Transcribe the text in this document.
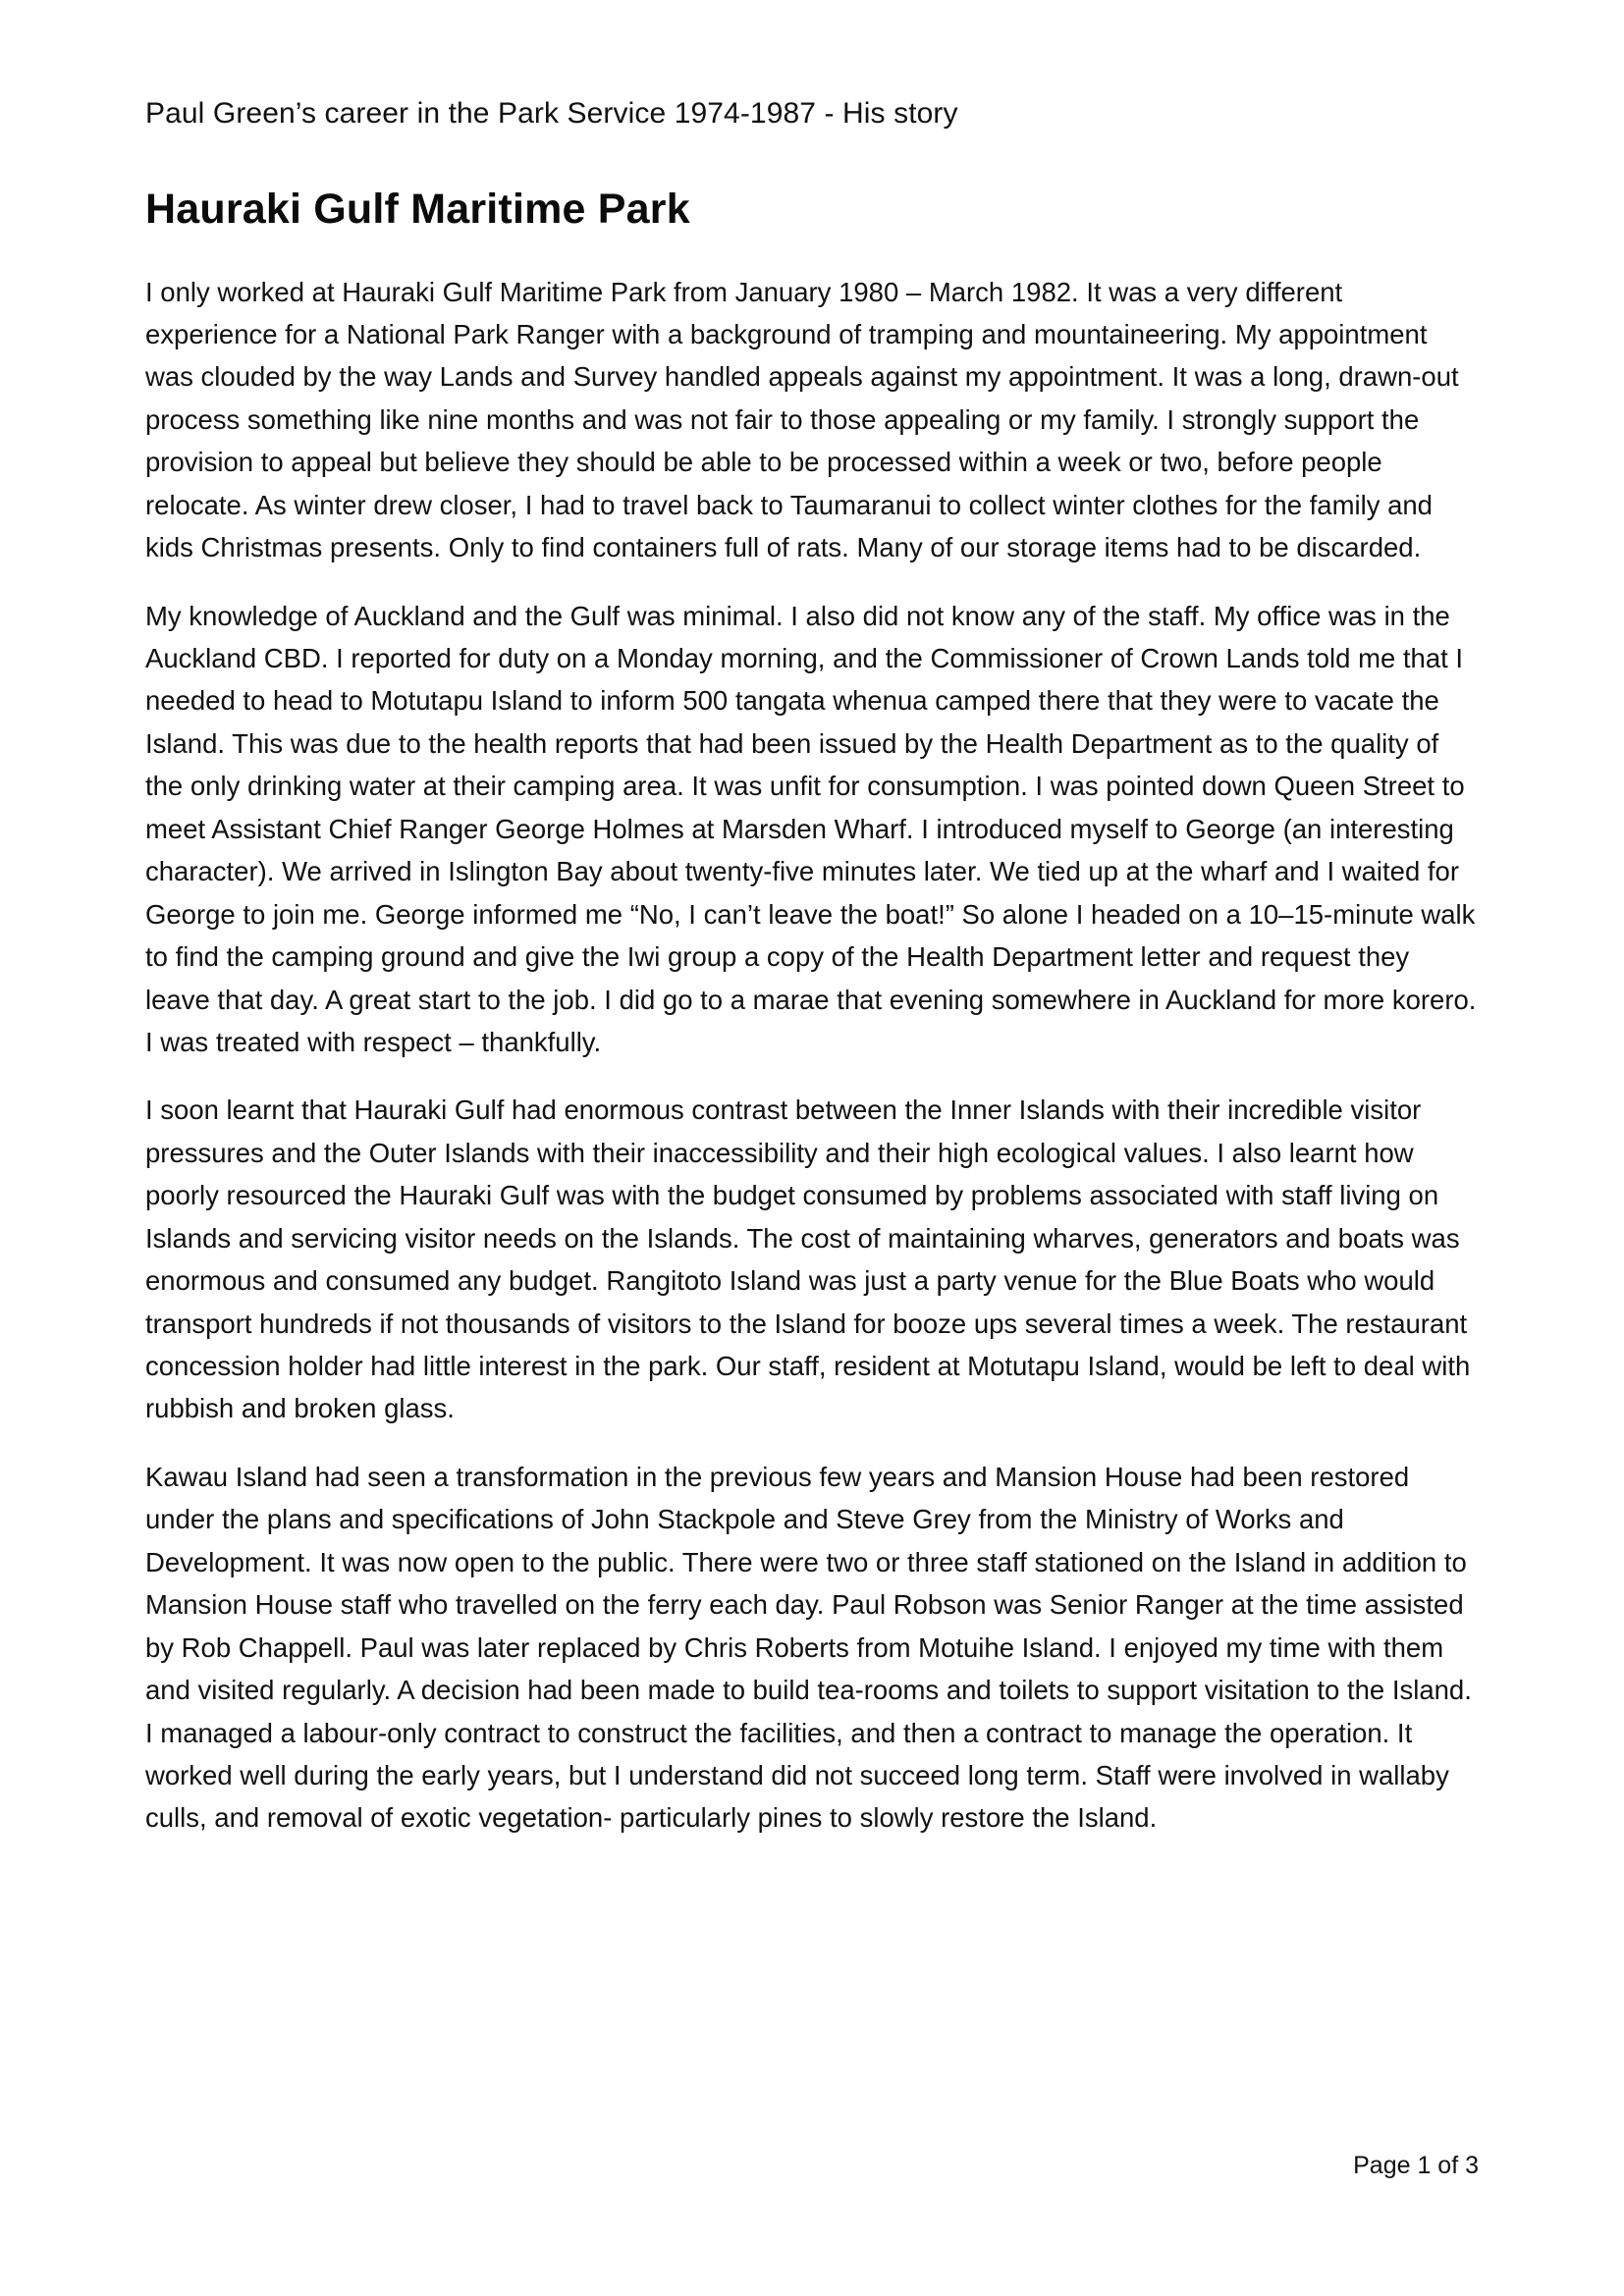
Paul Green’s career in the Park Service 1974-1987 - His story
Hauraki Gulf Maritime Park

I only worked at Hauraki Gulf Maritime Park from January 1980 – March 1982. It was a very different experience for a National Park Ranger with a background of tramping and mountaineering. My appointment was clouded by the way Lands and Survey handled appeals against my appointment. It was a long, drawn-out process something like nine months and was not fair to those appealing or my family. I strongly support the provision to appeal but believe they should be able to be processed within a week or two, before people relocate. As winter drew closer, I had to travel back to Taumaranui to collect winter clothes for the family and kids Christmas presents. Only to find containers full of rats. Many of our storage items had to be discarded.

My knowledge of Auckland and the Gulf was minimal. I also did not know any of the staff. My office was in the Auckland CBD. I reported for duty on a Monday morning, and the Commissioner of Crown Lands told me that I needed to head to Motutapu Island to inform 500 tangata whenua camped there that they were to vacate the Island. This was due to the health reports that had been issued by the Health Department as to the quality of the only drinking water at their camping area. It was unfit for consumption. I was pointed down Queen Street to meet Assistant Chief Ranger George Holmes at Marsden Wharf. I introduced myself to George (an interesting character). We arrived in Islington Bay about twenty-five minutes later. We tied up at the wharf and I waited for George to join me. George informed me “No, I can’t leave the boat!” So alone I headed on a 10–15-minute walk to find the camping ground and give the Iwi group a copy of the Health Department letter and request they leave that day. A great start to the job. I did go to a marae that evening somewhere in Auckland for more korero. I was treated with respect – thankfully.

I soon learnt that Hauraki Gulf had enormous contrast between the Inner Islands with their incredible visitor pressures and the Outer Islands with their inaccessibility and their high ecological values. I also learnt how poorly resourced the Hauraki Gulf was with the budget consumed by problems associated with staff living on Islands and servicing visitor needs on the Islands. The cost of maintaining wharves, generators and boats was enormous and consumed any budget. Rangitoto Island was just a party venue for the Blue Boats who would transport hundreds if not thousands of visitors to the Island for booze ups several times a week. The restaurant concession holder had little interest in the park. Our staff, resident at Motutapu Island, would be left to deal with rubbish and broken glass.

Kawau Island had seen a transformation in the previous few years and Mansion House had been restored under the plans and specifications of John Stackpole and Steve Grey from the Ministry of Works and Development. It was now open to the public. There were two or three staff stationed on the Island in addition to Mansion House staff who travelled on the ferry each day. Paul Robson was Senior Ranger at the time assisted by Rob Chappell. Paul was later replaced by Chris Roberts from Motuihe Island. I enjoyed my time with them and visited regularly. A decision had been made to build tea-rooms and toilets to support visitation to the Island. I managed a labour-only contract to construct the facilities, and then a contract to manage the operation. It worked well during the early years, but I understand did not succeed long term. Staff were involved in wallaby culls, and removal of exotic vegetation- particularly pines to slowly restore the Island.

Page 1 of 3
